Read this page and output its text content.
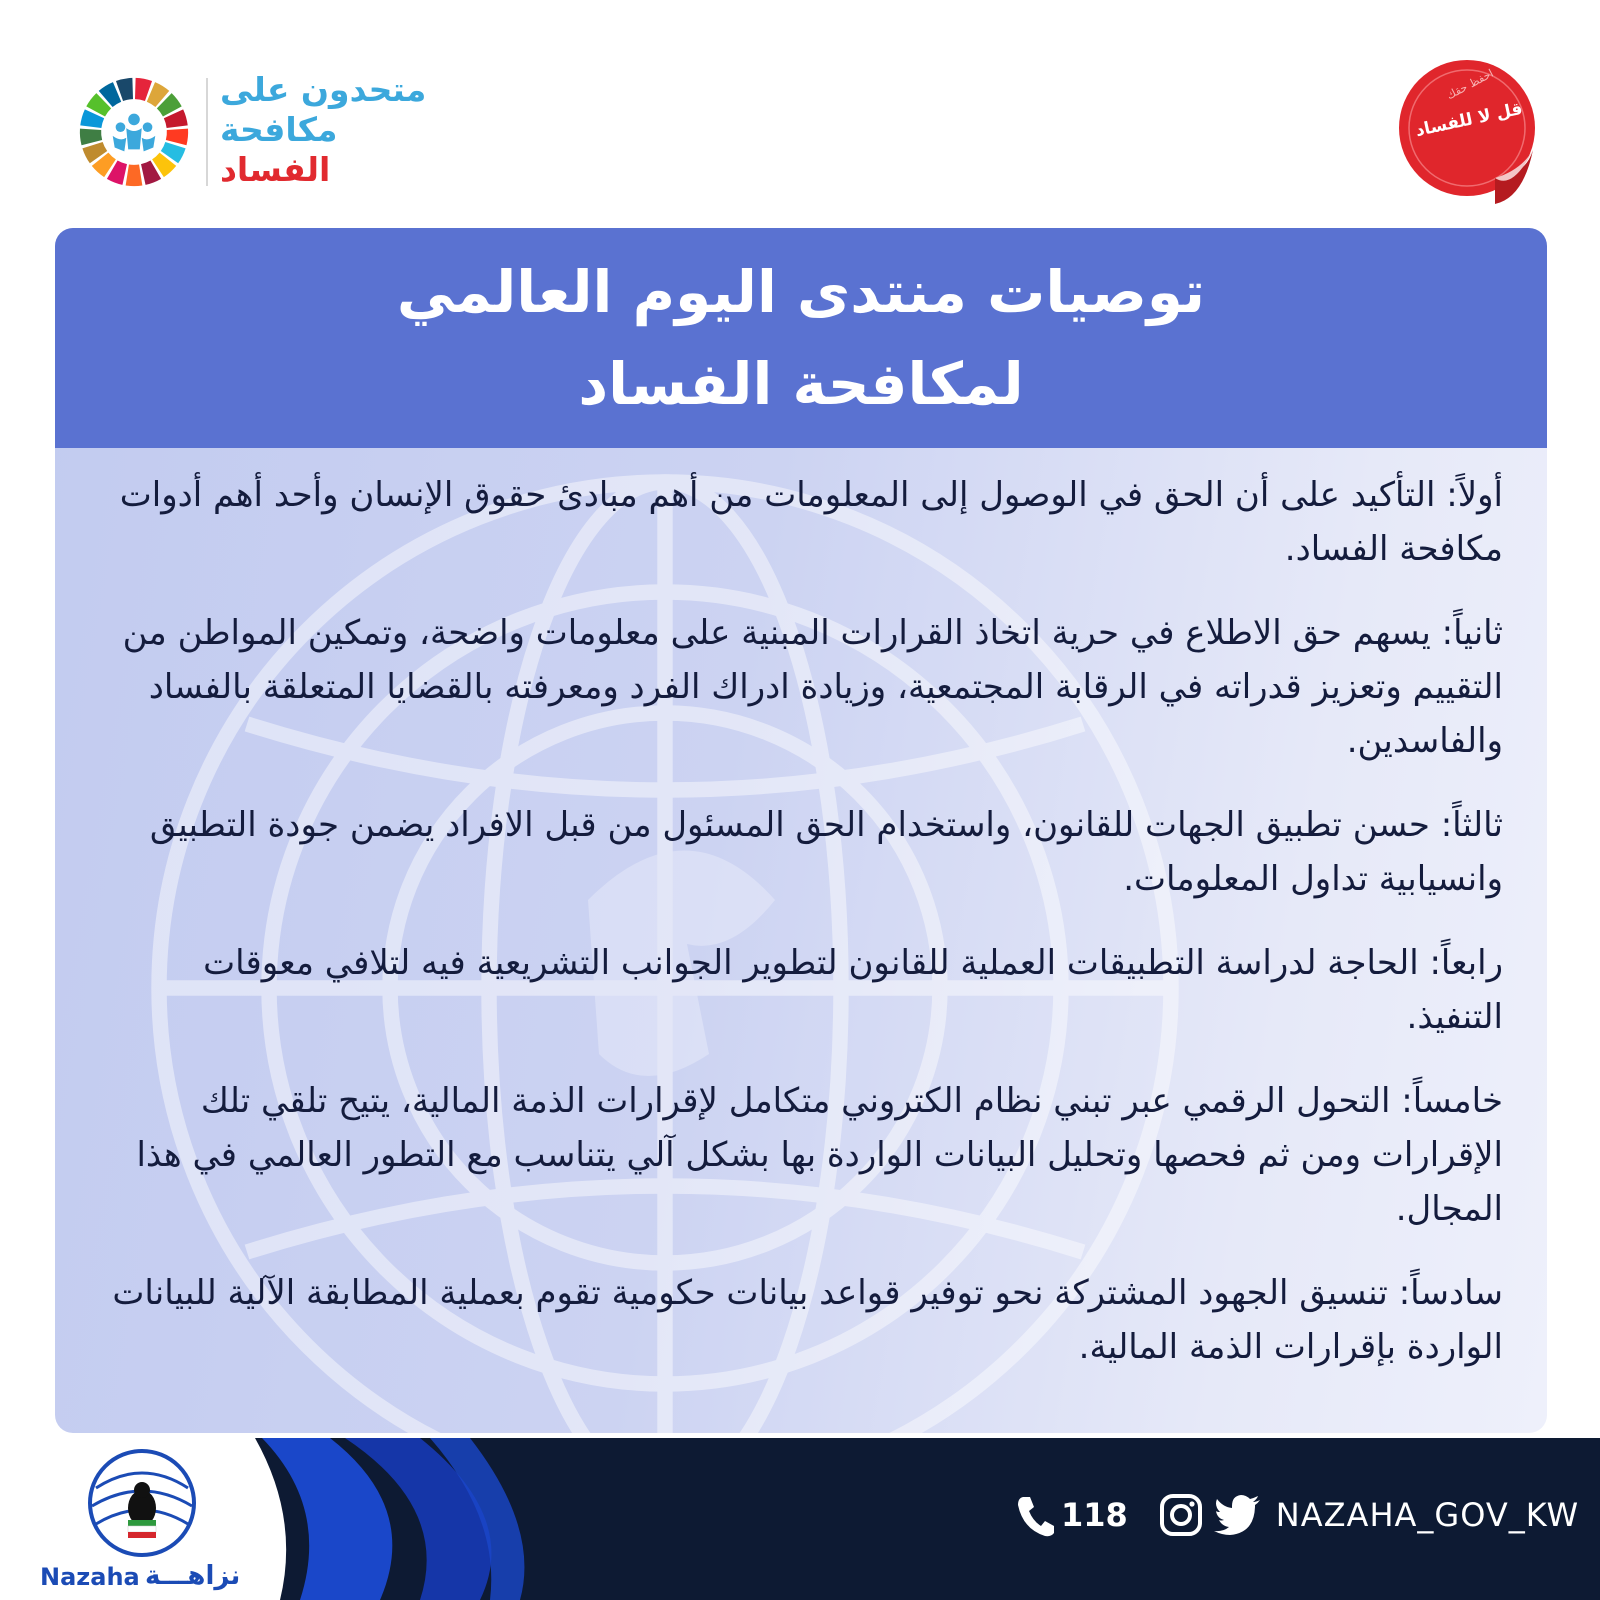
متحدون على
مكافحة
الفساد
احفظ حقك
قل لا للفساد
توصيات منتدى اليوم العالمي
لمكافحة الفساد

أولاً: التأكيد على أن الحق في الوصول إلى المعلومات من أهم مبادئ حقوق الإنسان وأحد أهم أدوات مكافحة الفساد.

ثانياً: يسهم حق الاطلاع في حرية اتخاذ القرارات المبنية على معلومات واضحة، وتمكين المواطن من التقييم وتعزيز قدراته في الرقابة المجتمعية، وزيادة ادراك الفرد ومعرفته بالقضايا المتعلقة بالفساد والفاسدين.

ثالثاً: حسن تطبيق الجهات للقانون، واستخدام الحق المسئول من قبل الافراد يضمن جودة التطبيق وانسيابية تداول المعلومات.

رابعاً: الحاجة لدراسة التطبيقات العملية للقانون لتطوير الجوانب التشريعية فيه لتلافي معوقات التنفيذ.

خامساً: التحول الرقمي عبر تبني نظام الكتروني متكامل لإقرارات الذمة المالية، يتيح تلقي تلك الإقرارات ومن ثم فحصها وتحليل البيانات الواردة بها بشكل آلي يتناسب مع التطور العالمي في هذا المجال.

سادساً: تنسيق الجهود المشتركة نحو توفير قواعد بيانات حكومية تقوم بعملية المطابقة الآلية للبيانات الواردة بإقرارات الذمة المالية.

Nazaha نزاهـــة
118	NAZAHA_GOV_KW
